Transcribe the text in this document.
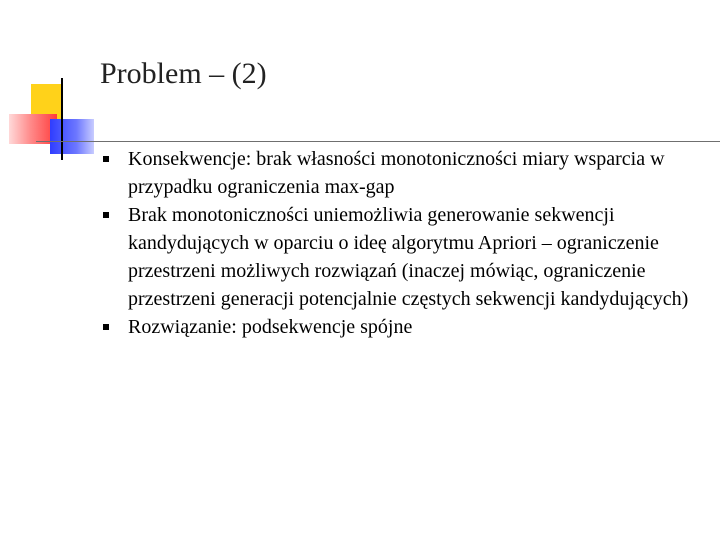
Problem – (2)
Konsekwencje: brak własności monotoniczności miary wsparcia w przypadku ograniczenia max-gap
Brak monotoniczności uniemożliwia generowanie sekwencji kandydujących w oparciu o ideę algorytmu Apriori – ograniczenie przestrzeni możliwych rozwiązań (inaczej mówiąc, ograniczenie przestrzeni generacji potencjalnie częstych sekwencji kandydujących)
Rozwiązanie: podsekwencje spójne
